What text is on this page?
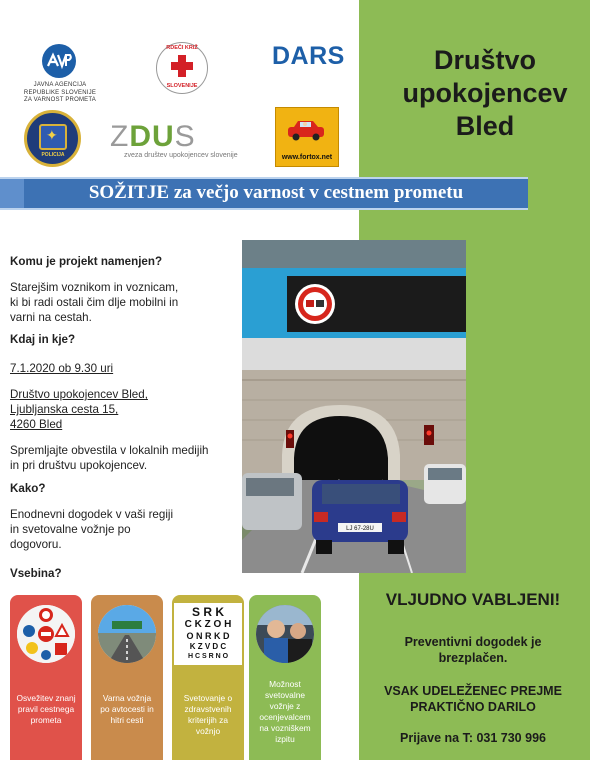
Društvo
upokojencev
Bled
JAVNA AGENCIJA
REPUBLIKE SLOVENIJE
ZA VARNOST PROMETA
RDEČI KRIŽ
SLOVENIJE
DARS
✦
POLICIJA
ZDUS
zveza društev upokojencev slovenije	www.fortox.net
SOŽITJE za večjo varnost v cestnem prometu
Komu je projekt namenjen?
Starejšim voznikom in voznicam,
ki bi radi ostali čim dlje mobilni in
varni na cestah.
Kdaj in kje?
7.1.2020 ob 9.30 uri
Društvo upokojencev Bled,
Ljubljanska cesta 15,
4260 Bled
Spremljajte obvestila v lokalnih medijih
in pri društvu upokojencev.
Kako?
Enodnevni dogodek v vaši regiji
in svetovalne vožnje po
dogovoru.
Vsebina?
LJ 67-28U
Osvežitev znanj
pravil cestnega
prometa
Varna vožnja
po avtocesti in
hitri cesti
S R K
C K Z O H
O N R K D
K Z V D C
H C S R N O
Svetovanje o
zdravstvenih
kriterijih za
vožnjo
Možnost
svetovalne
vožnje z
ocenjevalcem
na vozniškem
izpitu
VLJUDNO VABLJENI!
Preventivni dogodek je
brezplačen.
VSAK UDELEŽENEC PREJME
PRAKTIČNO DARILO
Prijave na T: 031 730 996
